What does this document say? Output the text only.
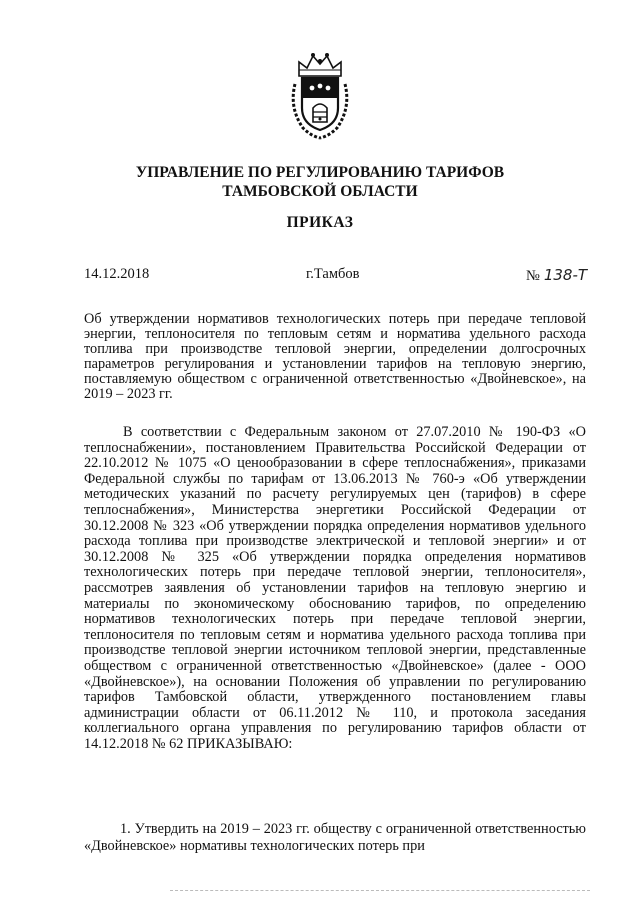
УПРАВЛЕНИЕ ПО РЕГУЛИРОВАНИЮ ТАРИФОВ
ТАМБОВСКОЙ ОБЛАСТИ
ПРИКАЗ
14.12.2018	г.Тамбов	№ 138-Т
Об утверждении нормативов технологических потерь при передаче тепловой энергии, теплоносителя по тепловым сетям и норматива удельного расхода топлива при производстве тепловой энергии, определении долгосрочных параметров регулирования и установлении тарифов на тепловую энергию, поставляемую обществом с ограниченной ответственностью «Двойневское», на 2019 – 2023 гг.
В соответствии с Федеральным законом от 27.07.2010 № 190-ФЗ «О теплоснабжении», постановлением Правительства Российской Федерации от 22.10.2012 № 1075 «О ценообразовании в сфере теплоснабжения», приказами Федеральной службы по тарифам от 13.06.2013 № 760-э «Об утверждении методических указаний по расчету регулируемых цен (тарифов) в сфере теплоснабжения», Министерства энергетики Российской Федерации от 30.12.2008 № 323 «Об утверждении порядка определения нормативов удельного расхода топлива при производстве электрической и тепловой энергии» и от 30.12.2008 № 325 «Об утверждении порядка определения нормативов технологических потерь при передаче тепловой энергии, теплоносителя», рассмотрев заявления об установлении тарифов на тепловую энергию и материалы по экономическому обоснованию тарифов, по определению нормативов технологических потерь при передаче тепловой энергии, теплоносителя по тепловым сетям и норматива удельного расхода топлива при производстве тепловой энергии источником тепловой энергии, представленные обществом с ограниченной ответственностью «Двойневское» (далее - ООО «Двойневское»), на основании Положения об управлении по регулированию тарифов Тамбовской области, утвержденного постановлением главы администрации области от 06.11.2012 № 110, и протокола заседания коллегиального органа управления по регулированию тарифов области от 14.12.2018 № 62 ПРИКАЗЫВАЮ:
1. Утвердить на 2019 – 2023 гг. обществу с ограниченной ответственностью «Двойневское» нормативы технологических потерь при
